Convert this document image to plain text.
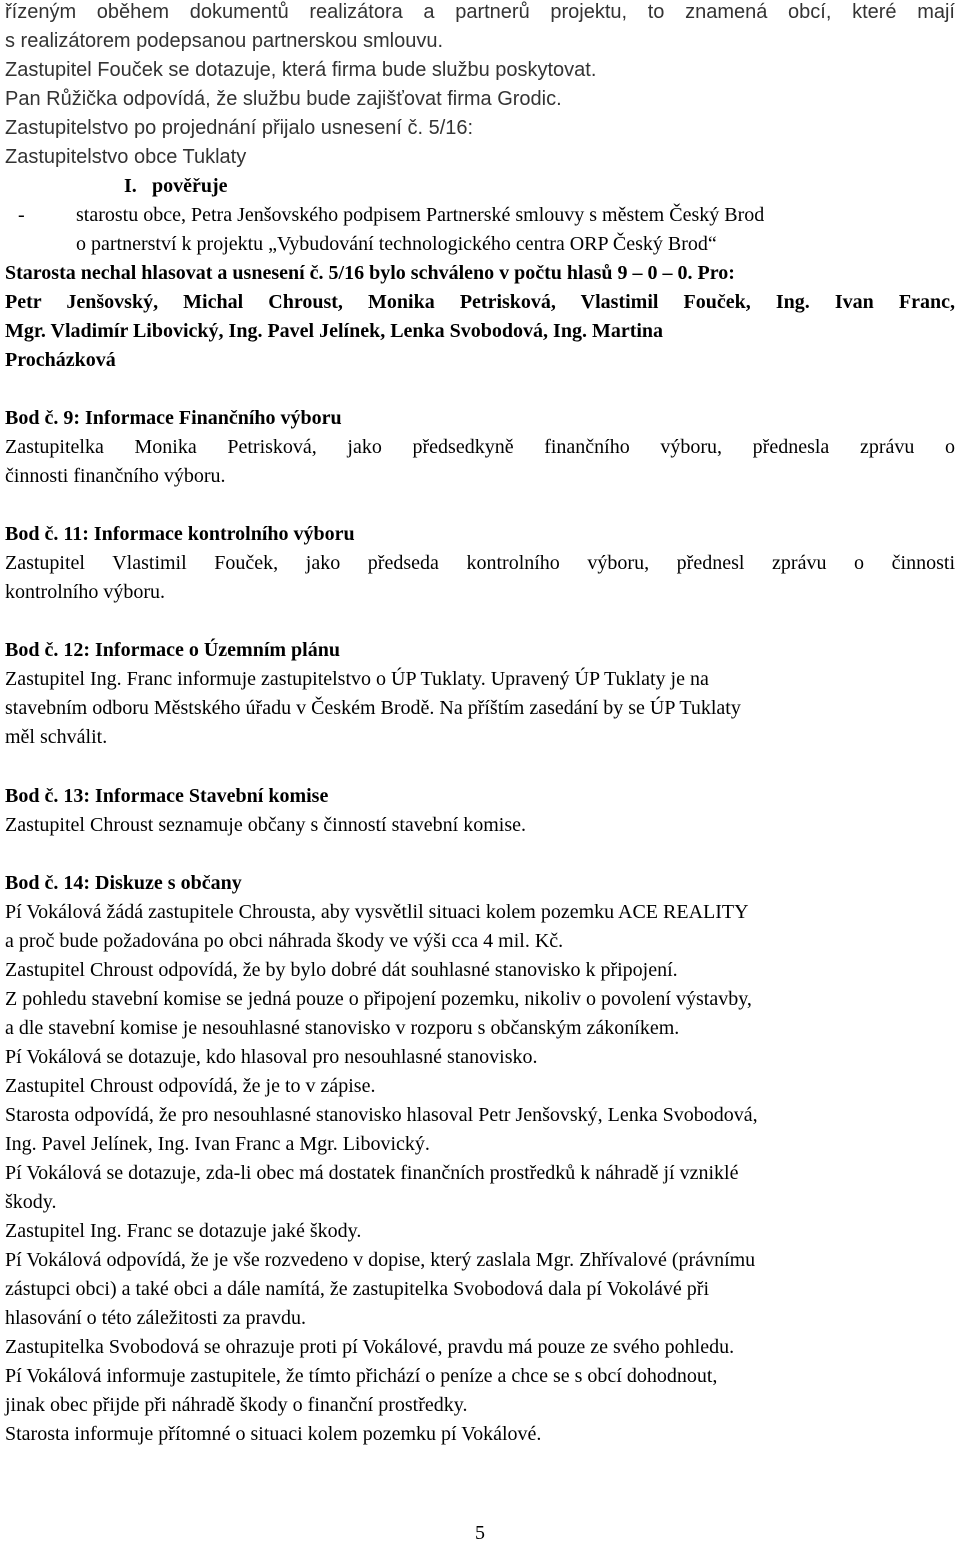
řízeným oběhem dokumentů realizátora a partnerů projektu, to znamená obcí, které mají
s realizátorem podepsanou partnerskou smlouvu.
Zastupitel Fouček se dotazuje, která firma bude službu poskytovat.
Pan Růžička odpovídá, že službu bude zajišťovat firma Grodic.
Zastupitelstvo po projednání přijalo usnesení č. 5/16:
Zastupitelstvo obce Tuklaty
I. pověřuje
-	starostu obce, Petra Jenšovského podpisem Partnerské smlouvy s městem Český Brod
o partnerství k projektu „Vybudování technologického centra ORP Český Brod“
Starosta nechal hlasovat a usnesení č. 5/16 bylo schváleno v počtu hlasů 9 – 0 – 0. Pro:
Petr Jenšovský, Michal Chroust, Monika Petrisková, Vlastimil Fouček, Ing. Ivan Franc,
Mgr. Vladimír Libovický, Ing. Pavel Jelínek, Lenka Svobodová, Ing. Martina
Procházková
Bod č. 9: Informace Finančního výboru
Zastupitelka Monika Petrisková, jako předsedkyně finančního výboru, přednesla zprávu o
činnosti finančního výboru.
Bod č. 11: Informace kontrolního výboru
Zastupitel Vlastimil Fouček, jako předseda kontrolního výboru, přednesl zprávu o činnosti
kontrolního výboru.
Bod č. 12: Informace o Územním plánu
Zastupitel Ing. Franc informuje zastupitelstvo o ÚP Tuklaty. Upravený ÚP Tuklaty je na
stavebním odboru Městského úřadu v Českém Brodě. Na příštím zasedání by se ÚP Tuklaty
měl schválit.
Bod č. 13: Informace Stavební komise
Zastupitel Chroust seznamuje občany s činností stavební komise.
Bod č. 14: Diskuze s občany
Pí Vokálová žádá zastupitele Chrousta, aby vysvětlil situaci kolem pozemku ACE REALITY
a proč bude požadována po obci náhrada škody ve výši cca 4 mil. Kč.
Zastupitel Chroust odpovídá, že by bylo dobré dát souhlasné stanovisko k připojení.
Z pohledu stavební komise se jedná pouze o připojení pozemku, nikoliv o povolení výstavby,
a dle stavební komise je nesouhlasné stanovisko v rozporu s občanským zákoníkem.
Pí Vokálová se dotazuje, kdo hlasoval pro nesouhlasné stanovisko.
Zastupitel Chroust odpovídá, že je to v zápise.
Starosta odpovídá, že pro nesouhlasné stanovisko hlasoval Petr Jenšovský, Lenka Svobodová,
Ing. Pavel Jelínek, Ing. Ivan Franc a Mgr. Libovický.
Pí Vokálová se dotazuje, zda-li obec má dostatek finančních prostředků k náhradě jí vzniklé
škody.
Zastupitel Ing. Franc se dotazuje jaké škody.
Pí Vokálová odpovídá, že je vše rozvedeno v dopise, který zaslala Mgr. Zhřívalové (právnímu
zástupci obci) a také obci a dále namítá, že zastupitelka Svobodová dala pí Vokolávé při
hlasování o této záležitosti za pravdu.
Zastupitelka Svobodová se ohrazuje proti pí Vokálové, pravdu má pouze ze svého pohledu.
Pí Vokálová informuje zastupitele, že tímto přichází o peníze a chce se s obcí dohodnout,
jinak obec přijde při náhradě škody o finanční prostředky.
Starosta informuje přítomné o situaci kolem pozemku pí Vokálové.
5
